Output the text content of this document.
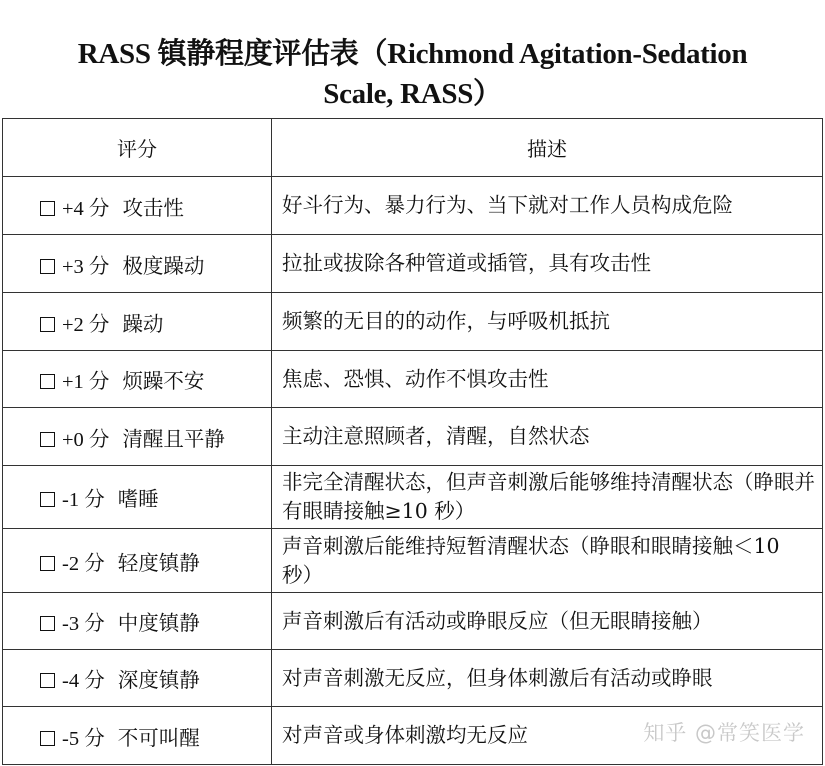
RASS 镇静程度评估表（Richmond Agitation-Sedation
Scale, RASS）
评分	描述
+4 分 攻击性	好斗行为、暴力行为、当下就对工作人员构成危险
+3 分 极度躁动	拉扯或拔除各种管道或插管，具有攻击性
+2 分 躁动	频繁的无目的的动作，与呼吸机抵抗
+1 分 烦躁不安	焦虑、恐惧、动作不惧攻击性
+0 分 清醒且平静	主动注意照顾者，清醒，自然状态
-1 分 嗜睡	非完全清醒状态，但声音刺激后能够维持清醒状态（睁眼并有眼睛接触≥10 秒）
-2 分 轻度镇静	声音刺激后能维持短暂清醒状态（睁眼和眼睛接触＜10 秒）
-3 分 中度镇静	声音刺激后有活动或睁眼反应（但无眼睛接触）
-4 分 深度镇静	对声音刺激无反应，但身体刺激后有活动或睁眼
-5 分 不可叫醒	对声音或身体刺激均无反应	知乎 @常笑医学
